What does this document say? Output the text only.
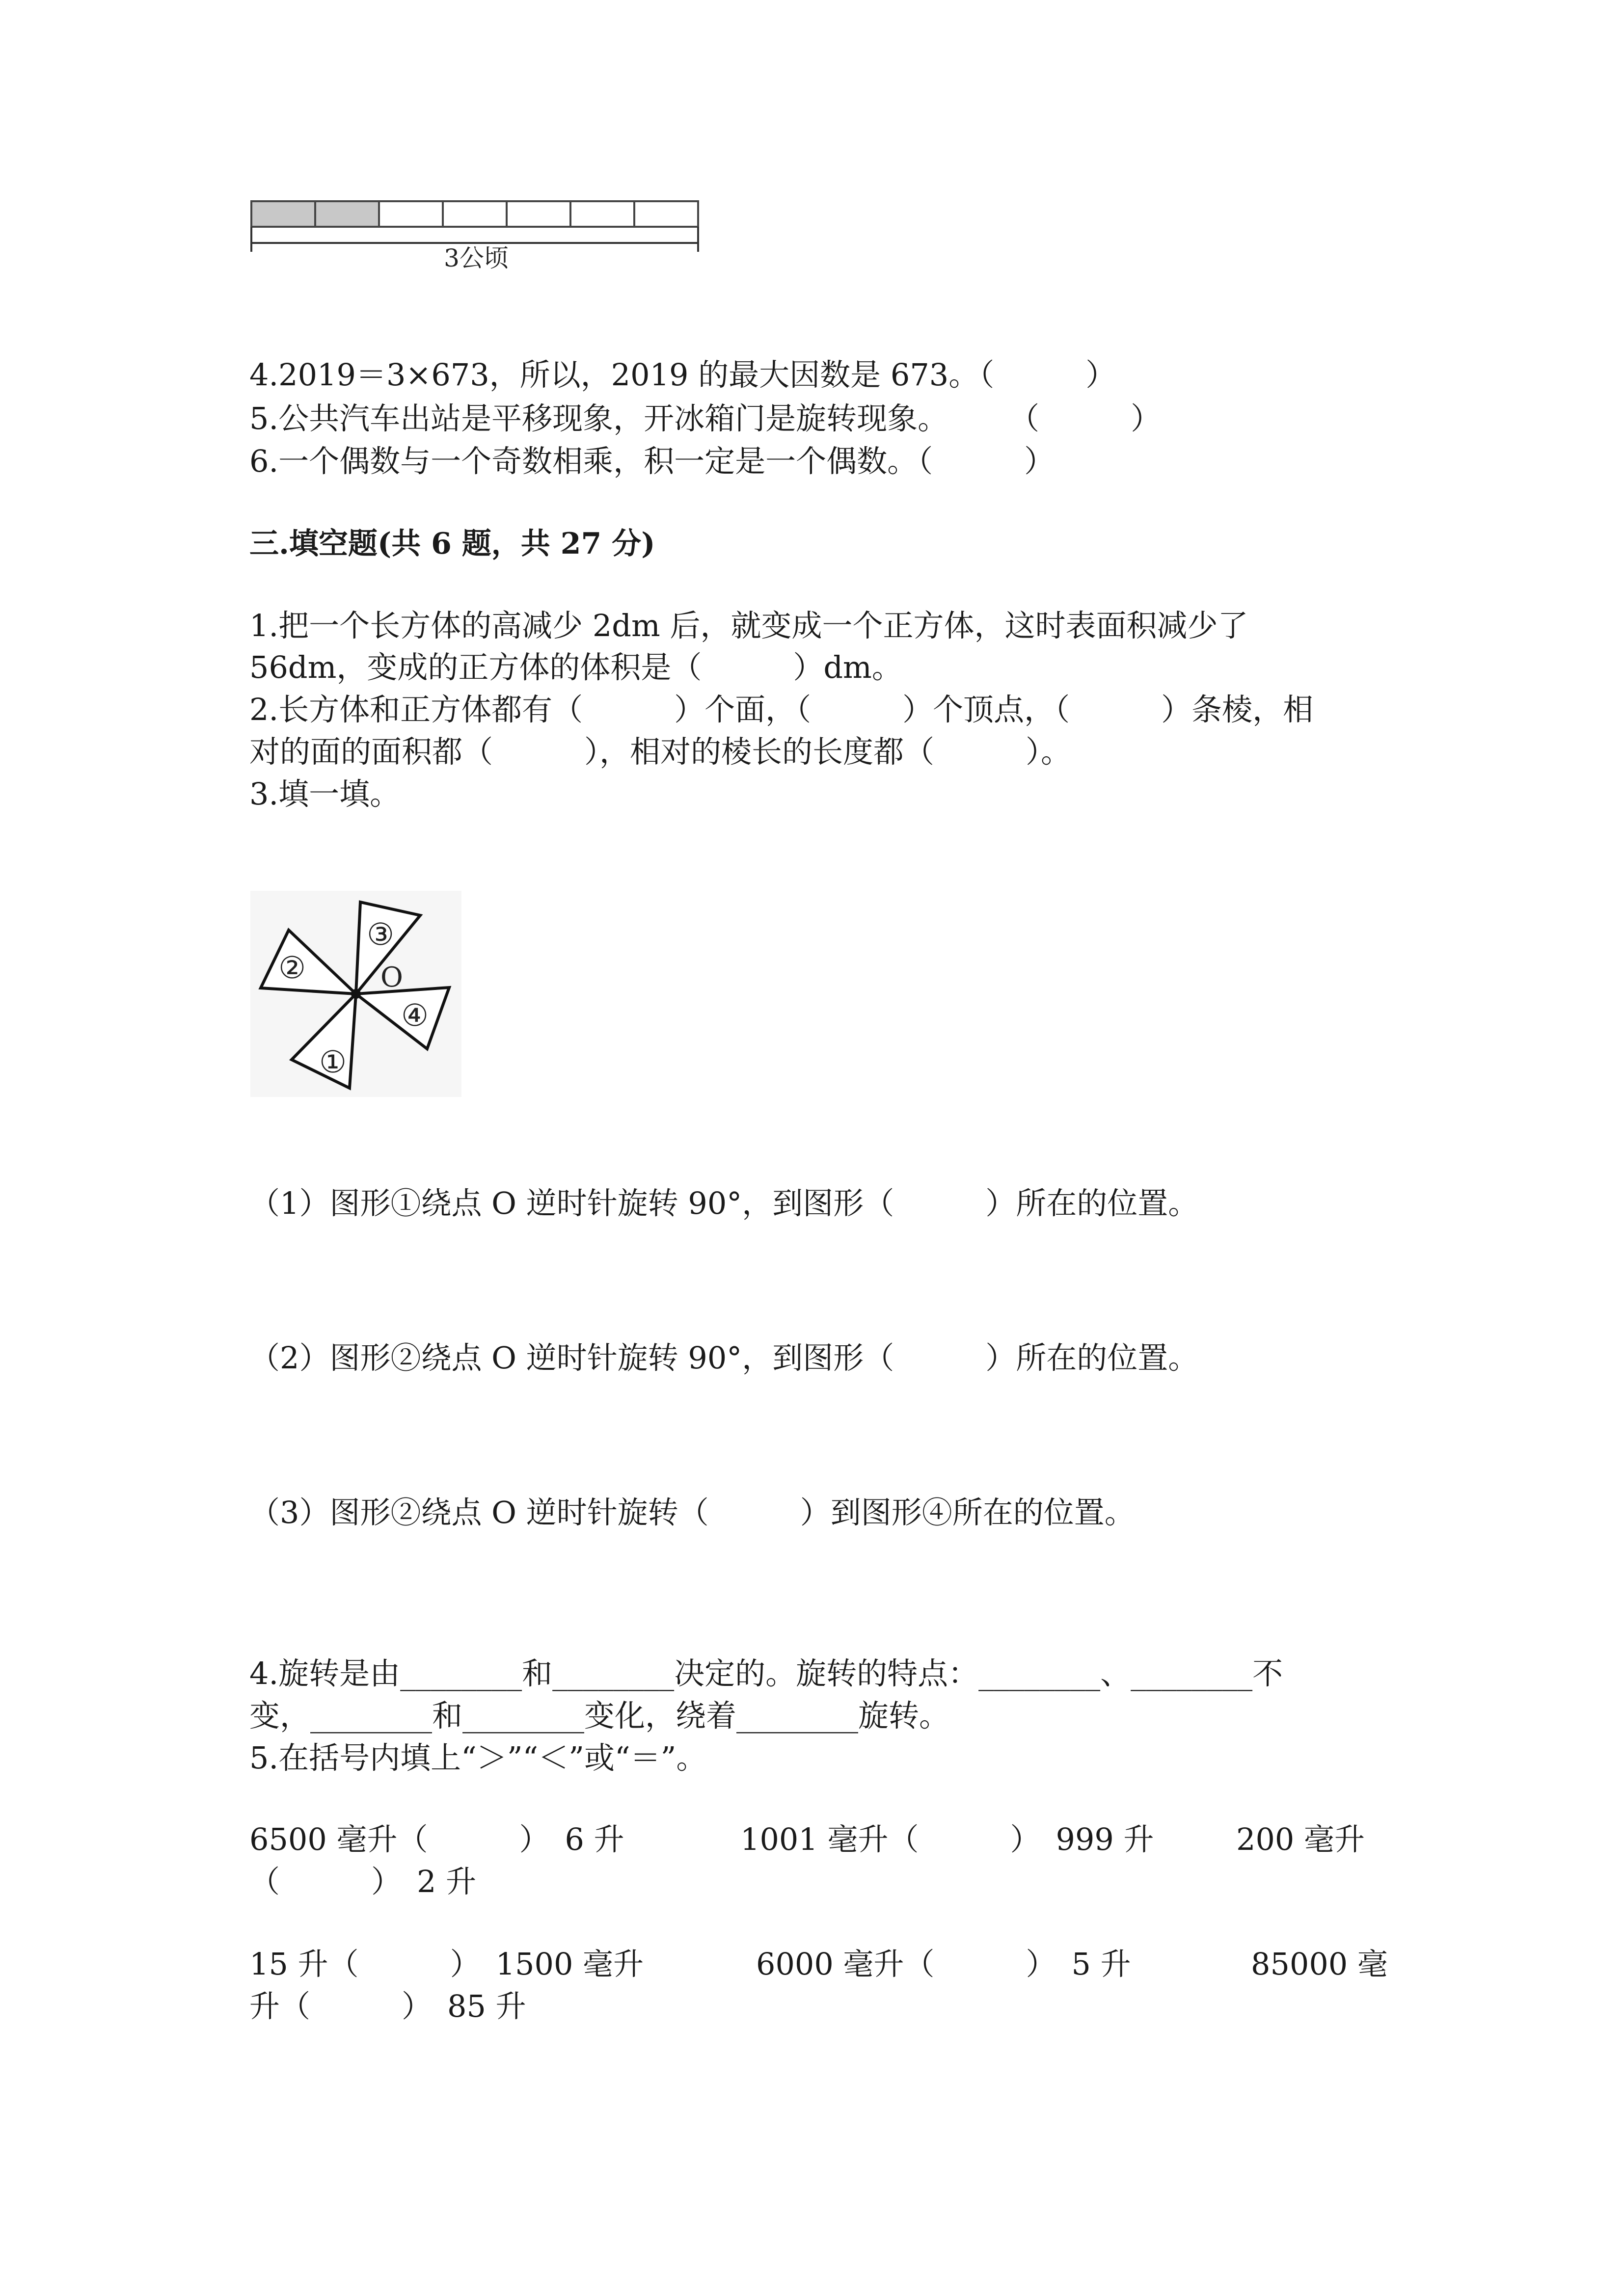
3公顷
4.2019＝3×673，所以，2019 的最大因数是 673。（　　　）
5.公共汽车出站是平移现象，开冰箱门是旋转现象。　　　（　　　）
6.一个偶数与一个奇数相乘，积一定是一个偶数。（　　　）
三.填空题(共 6 题，共 27 分)
1.把一个长方体的高减少 2dm 后，就变成一个正方体，这时表面积减少了
56dm，变成的正方体的体积是（　　　）dm。
2.长方体和正方体都有（　　　）个面，（　　　）个顶点，（　　　）条棱，相
对的面的面积都（　　　），相对的棱长的长度都（　　　）。
3.填一填。
①
②
③
④
O
（1）图形①绕点 O 逆时针旋转 90°，到图形（　　　）所在的位置。
（2）图形②绕点 O 逆时针旋转 90°，到图形（　　　）所在的位置。
（3）图形②绕点 O 逆时针旋转（　　　）到图形④所在的位置。
4.旋转是由________和________决定的。旋转的特点：________、________不
变，________和________变化，绕着________旋转。
5.在括号内填上“＞”“＜”或“＝”。
6500 毫升（　　　）　6 升	1001 毫升（　　　）　999 升	200 毫升
（　　　）　2 升
15 升（　　　）　1500 毫升	6000 毫升（　　　）　5 升	85000 毫
升（　　　）　85 升
